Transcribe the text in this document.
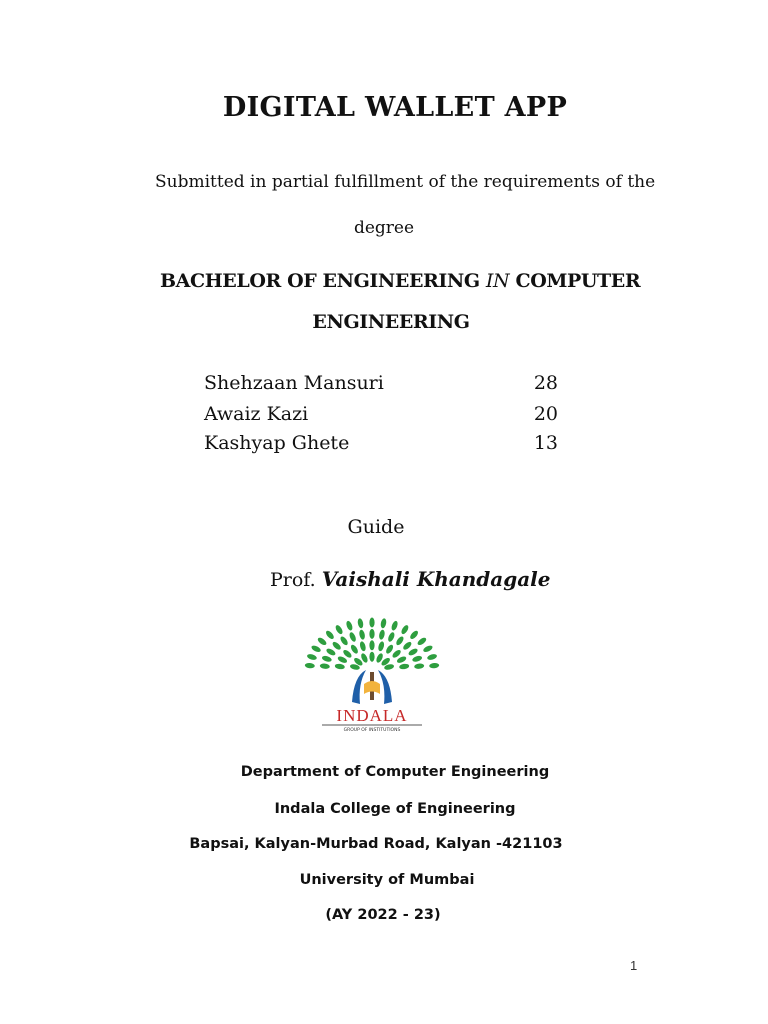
DIGITAL WALLET APP
Submitted in partial fulfillment of the requirements of the
degree
BACHELOR OF ENGINEERING IN COMPUTER
ENGINEERING
Shehzaan Mansuri	28
Awaiz Kazi	20
Kashyap Ghete	13
Guide
Prof. Vaishali Khandagale
INDALA
GROUP OF INSTITUTIONS
Department of Computer Engineering
Indala College of Engineering
Bapsai, Kalyan-Murbad Road, Kalyan -421103
University of Mumbai
(AY 2022 - 23)
1
